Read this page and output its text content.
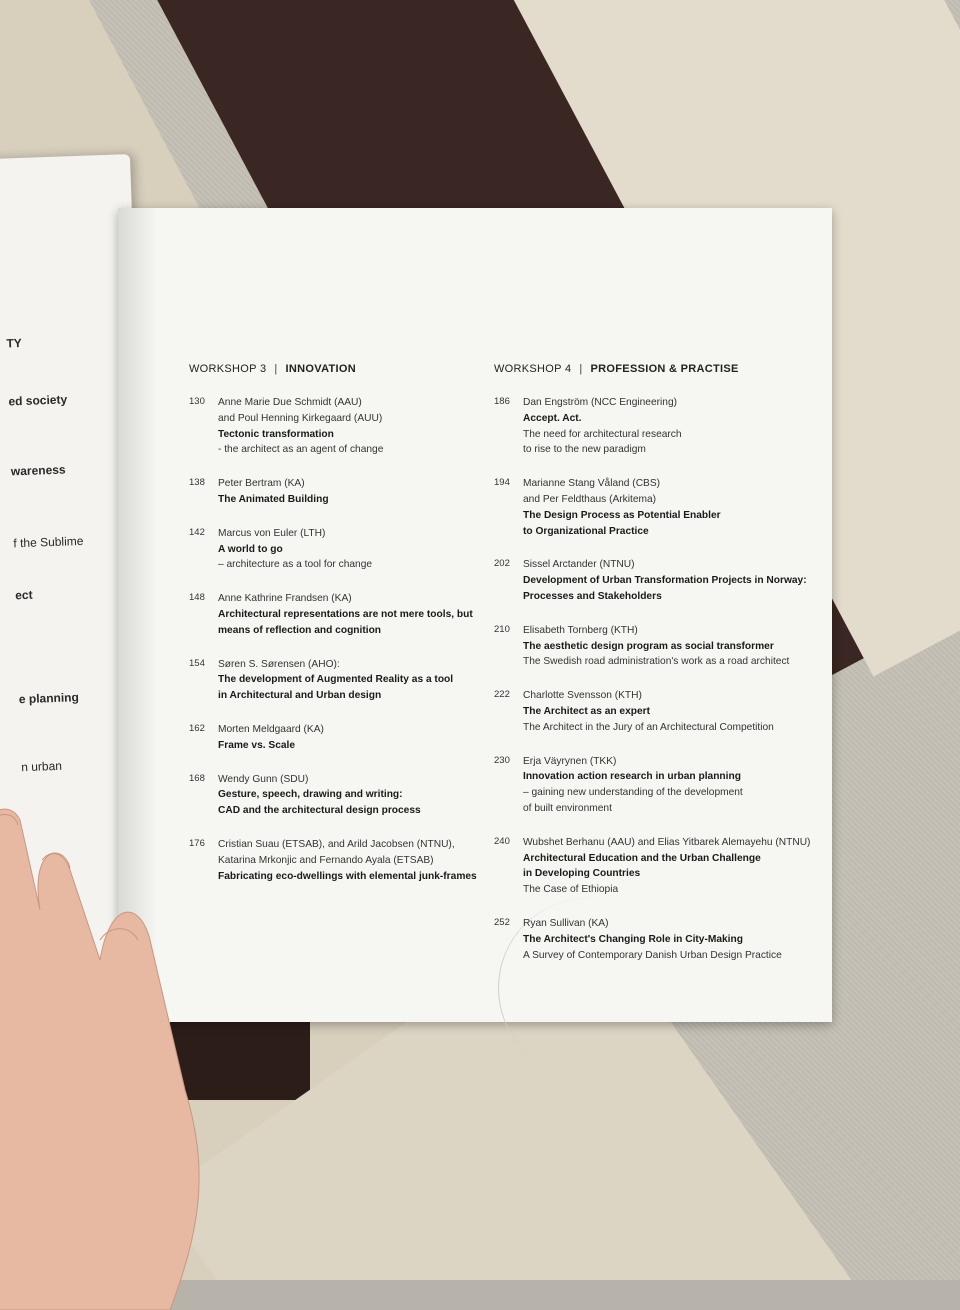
TY
ed society
wareness
f the Sublime
ect
e planning
n urban
WORKSHOP 3 | INNOVATION
130	Anne Marie Due Schmidt (AAU)
and Poul Henning Kirkegaard (AUU)
Tectonic transformation
- the architect as an agent of change
138	Peter Bertram (KA)
The Animated Building
142	Marcus von Euler (LTH)
A world to go
– architecture as a tool for change
148	Anne Kathrine Frandsen (KA)
Architectural representations are not mere tools, but
means of reflection and cognition
154	Søren S. Sørensen (AHO):
The development of Augmented Reality as a tool
in Architectural and Urban design
162	Morten Meldgaard (KA)
Frame vs. Scale
168	Wendy Gunn (SDU)
Gesture, speech, drawing and writing:
CAD and the architectural design process
176	Cristian Suau (ETSAB), and Arild Jacobsen (NTNU),
Katarina Mrkonjic and Fernando Ayala (ETSAB)
Fabricating eco-dwellings with elemental junk-frames
WORKSHOP 4 | PROFESSION & PRACTISE
186	Dan Engström (NCC Engineering)
Accept. Act.
The need for architectural research
to rise to the new paradigm
194	Marianne Stang Våland (CBS)
and Per Feldthaus (Arkitema)
The Design Process as Potential Enabler
to Organizational Practice
202	Sissel Arctander (NTNU)
Development of Urban Transformation Projects in Norway:
Processes and Stakeholders
210	Elisabeth Tornberg (KTH)
The aesthetic design program as social transformer
The Swedish road administration's work as a road architect
222	Charlotte Svensson (KTH)
The Architect as an expert
The Architect in the Jury of an Architectural Competition
230	Erja Väyrynen (TKK)
Innovation action research in urban planning
– gaining new understanding of the development
of built environment
240	Wubshet Berhanu (AAU) and Elias Yitbarek Alemayehu (NTNU)
Architectural Education and the Urban Challenge
in Developing Countries
The Case of Ethiopia
252	Ryan Sullivan (KA)
The Architect's Changing Role in City-Making
A Survey of Contemporary Danish Urban Design Practice
